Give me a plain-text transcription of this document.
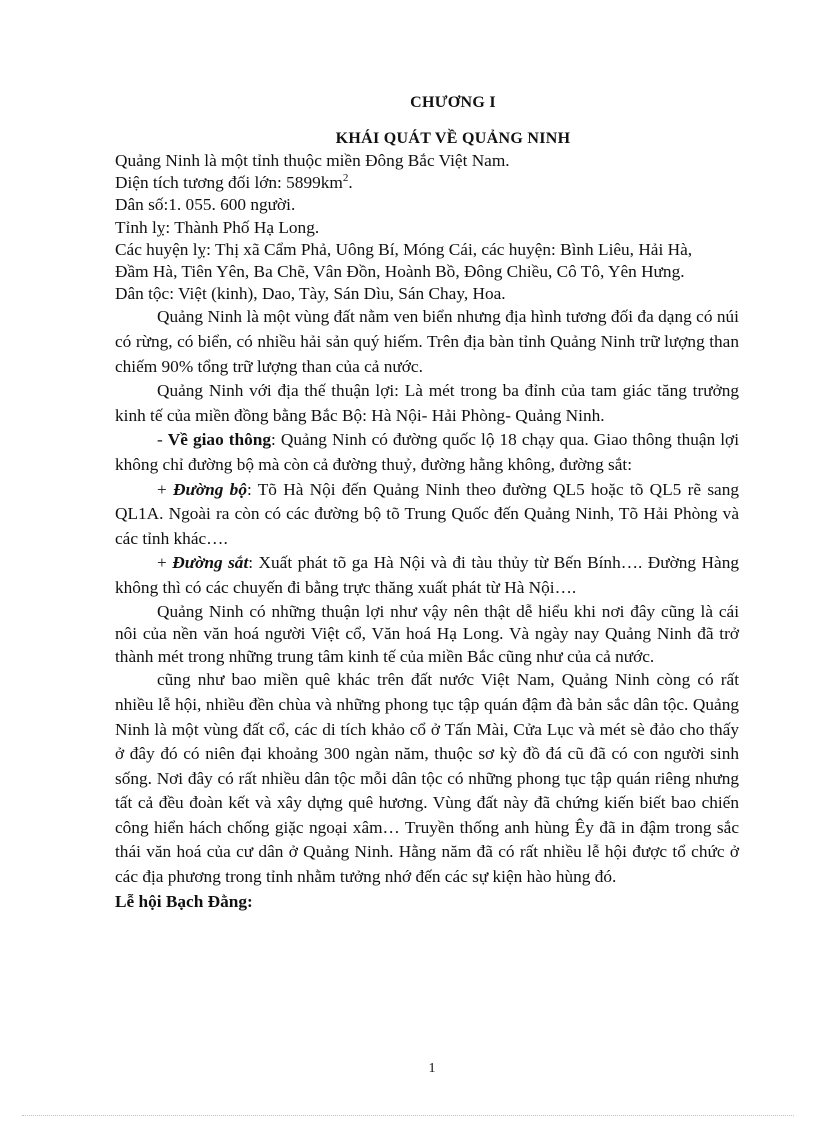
CHƯƠNG I
KHÁI QUÁT VỀ QUẢNG NINH
Quảng Ninh là một tỉnh thuộc miền Đông Bắc Việt Nam.
Diện tích tương đối lớn: $5899km^2$.
Dân số:1. 055. 600 người.
Tỉnh lỵ: Thành Phố Hạ Long.
Các huyện lỵ: Thị xã Cẩm Phả, Uông Bí, Móng Cái, các huyện: Bình Liêu, Hải Hà,
Đầm Hà, Tiên Yên, Ba Chẽ, Vân Đồn, Hoành Bồ, Đông Chiều, Cô Tô, Yên Hưng.
Dân tộc: Việt (kinh), Dao, Tày, Sán Dìu, Sán Chay, Hoa.

Quảng Ninh là một vùng đất nằm ven biển nhưng địa hình tương đối đa dạng có núi có rừng, có biển, có nhiều hải sản quý hiếm. Trên địa bàn tỉnh Quảng Ninh trữ lượng than chiếm 90% tổng trữ lượng than của cả nước.

Quảng Ninh với địa thế thuận lợi: Là mét trong ba đỉnh của tam giác tăng trưởng kinh tế của miền đồng bằng Bắc Bộ: Hà Nội- Hải Phòng- Quảng Ninh.

- Về giao thông: Quảng Ninh có đường quốc lộ 18 chạy qua. Giao thông thuận lợi không chỉ đường bộ mà còn cả đường thuỷ, đường hằng không, đường sắt:

+ Đường bộ: Tõ Hà Nội đến Quảng Ninh theo đường QL5 hoặc tõ QL5 rẽ sang QL1A. Ngoài ra còn có các đường bộ tõ Trung Quốc đến Quảng Ninh, Tõ Hải Phòng và các tỉnh khác….

+ Đường sắt: Xuất phát tõ ga Hà Nội và đi tàu thủy từ Bến Bính…. Đường Hàng không thì có các chuyến đi bằng trực thăng xuất phát từ Hà Nội….

Quảng Ninh có những thuận lợi như vậy nên thật dễ hiểu khi nơi đây cũng là cái nôi của nền văn hoá người Việt cổ, Văn hoá Hạ Long. Và ngày nay Quảng Ninh đã trở thành mét trong những trung tâm kinh tế của miền Bắc cũng như của cả nước.

cũng như bao miền quê khác trên đất nước Việt Nam, Quảng Ninh còng có rất nhiều lễ hội, nhiều đền chùa và những phong tục tập quán đậm đà bản sắc dân tộc. Quảng Ninh là một vùng đất cổ, các di tích khảo cổ ở Tấn Mài, Cửa Lục và mét sè đảo cho thấy ở đây đó có niên đại khoảng 300 ngàn năm, thuộc sơ kỳ đồ đá cũ đã có con người sinh sống. Nơi đây có rất nhiều dân tộc mỗi dân tộc có những phong tục tập quán riêng nhưng tất cả đều đoàn kết và xây dựng quê hương. Vùng đất này đã chứng kiến biết bao chiến công hiển hách chống giặc ngoại xâm… Truyền thống anh hùng Êy đã in đậm trong sắc thái văn hoá của cư dân ở Quảng Ninh. Hằng năm đã có rất nhiều lễ hội được tổ chức ở các địa phương trong tỉnh nhằm tưởng nhớ đến các sự kiện hào hùng đó.

Lễ hội Bạch Đằng:
1
